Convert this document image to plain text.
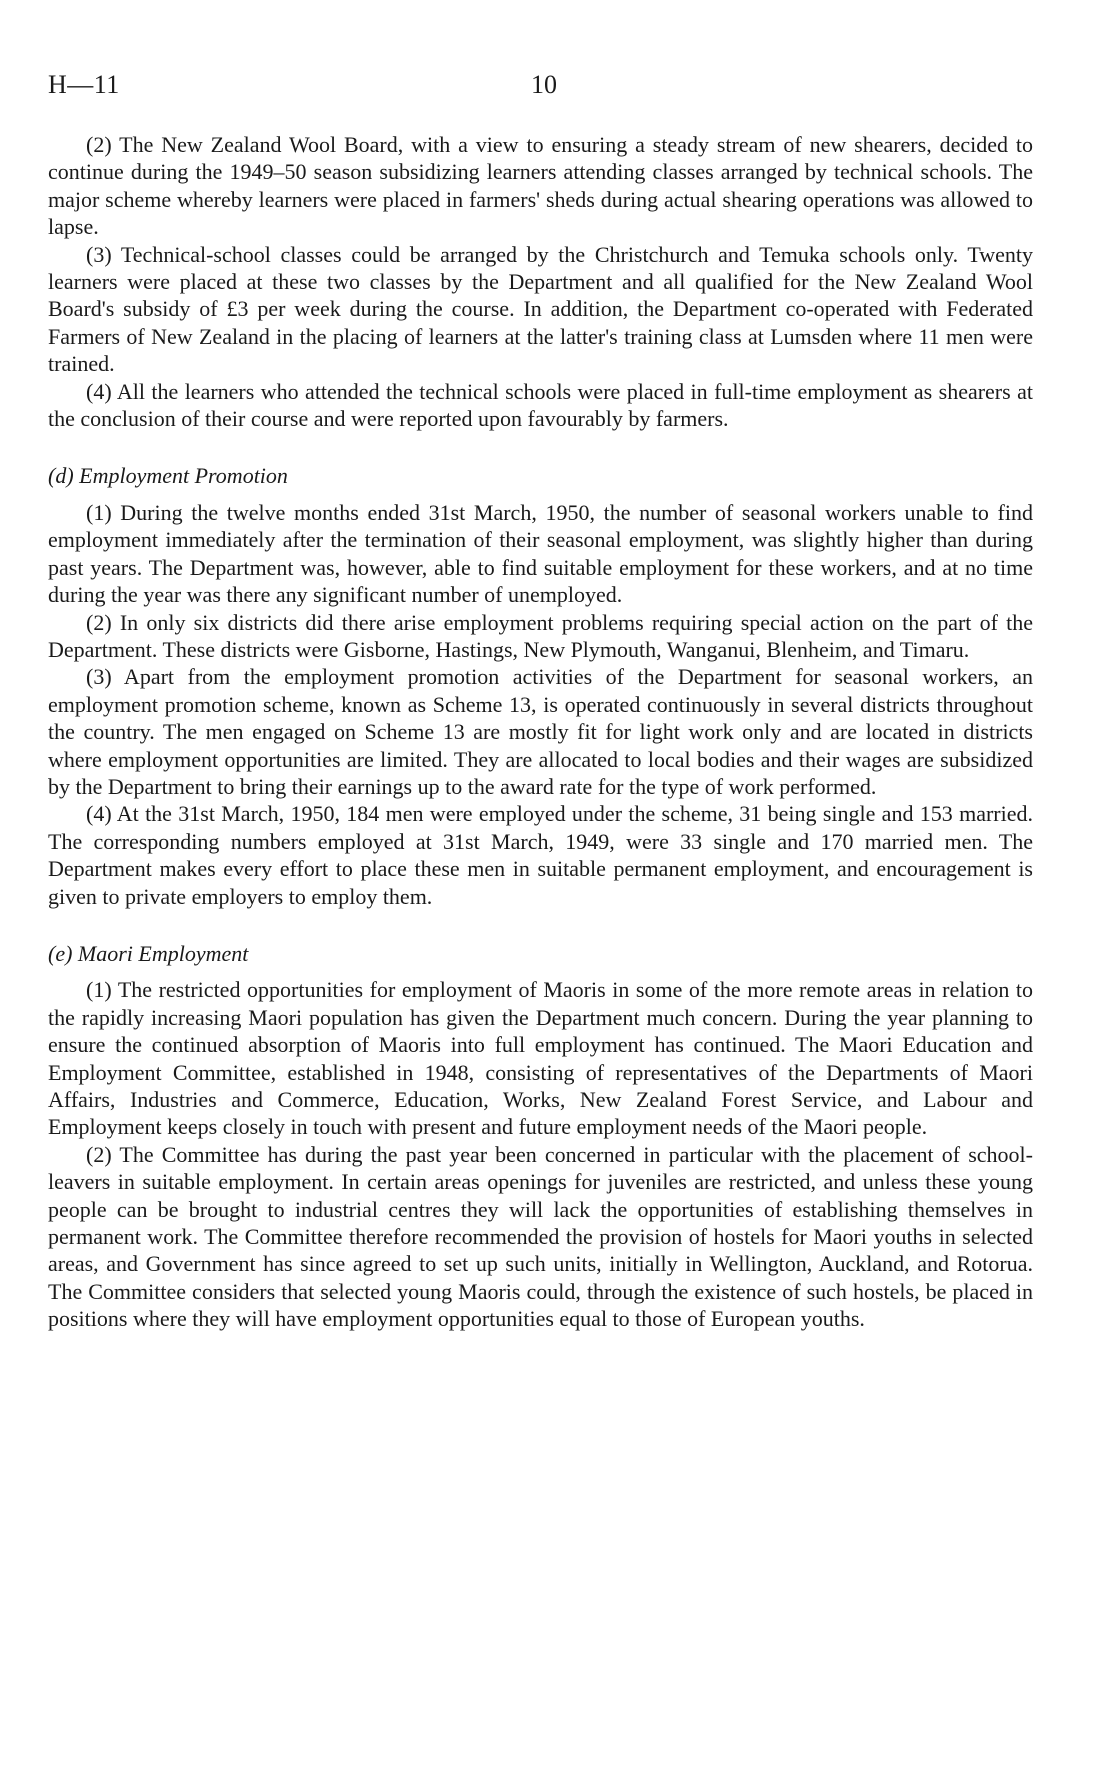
H—11	10

(2) The New Zealand Wool Board, with a view to ensuring a steady stream of new shearers, decided to continue during the 1949–50 season subsidizing learners attending classes arranged by technical schools. The major scheme whereby learners were placed in farmers' sheds during actual shearing operations was allowed to lapse.

(3) Technical-school classes could be arranged by the Christchurch and Temuka schools only. Twenty learners were placed at these two classes by the Department and all qualified for the New Zealand Wool Board's subsidy of £3 per week during the course. In addition, the Department co-operated with Federated Farmers of New Zealand in the placing of learners at the latter's training class at Lumsden where 11 men were trained.

(4) All the learners who attended the technical schools were placed in full-time employment as shearers at the conclusion of their course and were reported upon favourably by farmers.

(d) Employment Promotion

(1) During the twelve months ended 31st March, 1950, the number of seasonal workers unable to find employment immediately after the termination of their seasonal employment, was slightly higher than during past years. The Department was, however, able to find suitable employment for these workers, and at no time during the year was there any significant number of unemployed.

(2) In only six districts did there arise employment problems requiring special action on the part of the Department. These districts were Gisborne, Hastings, New Plymouth, Wanganui, Blenheim, and Timaru.

(3) Apart from the employment promotion activities of the Department for seasonal workers, an employment promotion scheme, known as Scheme 13, is operated continuously in several districts throughout the country. The men engaged on Scheme 13 are mostly fit for light work only and are located in districts where employment opportunities are limited. They are allocated to local bodies and their wages are subsidized by the Department to bring their earnings up to the award rate for the type of work performed.

(4) At the 31st March, 1950, 184 men were employed under the scheme, 31 being single and 153 married. The corresponding numbers employed at 31st March, 1949, were 33 single and 170 married men. The Department makes every effort to place these men in suitable permanent employment, and encouragement is given to private employers to employ them.

(e) Maori Employment

(1) The restricted opportunities for employment of Maoris in some of the more remote areas in relation to the rapidly increasing Maori population has given the Department much concern. During the year planning to ensure the continued absorption of Maoris into full employment has continued. The Maori Education and Employment Committee, established in 1948, consisting of representatives of the Departments of Maori Affairs, Industries and Commerce, Education, Works, New Zealand Forest Service, and Labour and Employment keeps closely in touch with present and future employment needs of the Maori people.

(2) The Committee has during the past year been concerned in particular with the placement of school-leavers in suitable employment. In certain areas openings for juveniles are restricted, and unless these young people can be brought to industrial centres they will lack the opportunities of establishing themselves in permanent work. The Committee therefore recommended the provision of hostels for Maori youths in selected areas, and Government has since agreed to set up such units, initially in Wellington, Auckland, and Rotorua. The Committee considers that selected young Maoris could, through the existence of such hostels, be placed in positions where they will have employment opportunities equal to those of European youths.
